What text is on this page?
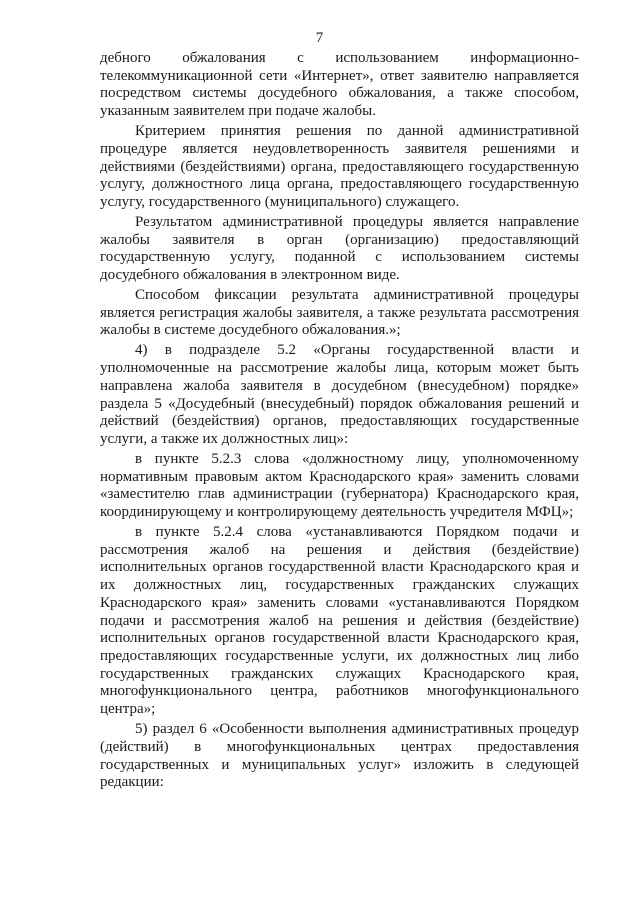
7

дебного обжалования с использованием информационно-телекоммуникационной сети «Интернет», ответ заявителю направляется посредством системы досудебного обжалования, а также способом, указанным заявителем при подаче жалобы.

Критерием принятия решения по данной административной процедуре является неудовлетворенность заявителя решениями и действиями (бездействиями) органа, предоставляющего государственную услугу, должностного лица органа, предоставляющего государственную услугу, государственного (муниципального) служащего.

Результатом административной процедуры является направление жалобы заявителя в орган (организацию) предоставляющий государственную услугу, поданной с использованием системы досудебного обжалования в электронном виде.

Способом фиксации результата административной процедуры является регистрация жалобы заявителя, а также результата рассмотрения жалобы в системе досудебного обжалования.»;

4) в подразделе 5.2 «Органы государственной власти и уполномоченные на рассмотрение жалобы лица, которым может быть направлена жалоба заявителя в досудебном (внесудебном) порядке» раздела 5 «Досудебный (внесудебный) порядок обжалования решений и действий (бездействия) органов, предоставляющих государственные услуги, а также их должностных лиц»:

в пункте 5.2.3 слова «должностному лицу, уполномоченному нормативным правовым актом Краснодарского края» заменить словами «заместителю глав администрации (губернатора) Краснодарского края, координирующему и контролирующему деятельность учредителя МФЦ»;

в пункте 5.2.4 слова «устанавливаются Порядком подачи и рассмотрения жалоб на решения и действия (бездействие) исполнительных органов государственной власти Краснодарского края и их должностных лиц, государственных гражданских служащих Краснодарского края» заменить словами «устанавливаются Порядком подачи и рассмотрения жалоб на решения и действия (бездействие) исполнительных органов государственной власти Краснодарского края, предоставляющих государственные услуги, их должностных лиц либо государственных гражданских служащих Краснодарского края, многофункционального центра, работников многофункционального центра»;

5) раздел 6 «Особенности выполнения административных процедур (действий) в многофункциональных центрах предоставления государственных и муниципальных услуг» изложить в следующей редакции:
